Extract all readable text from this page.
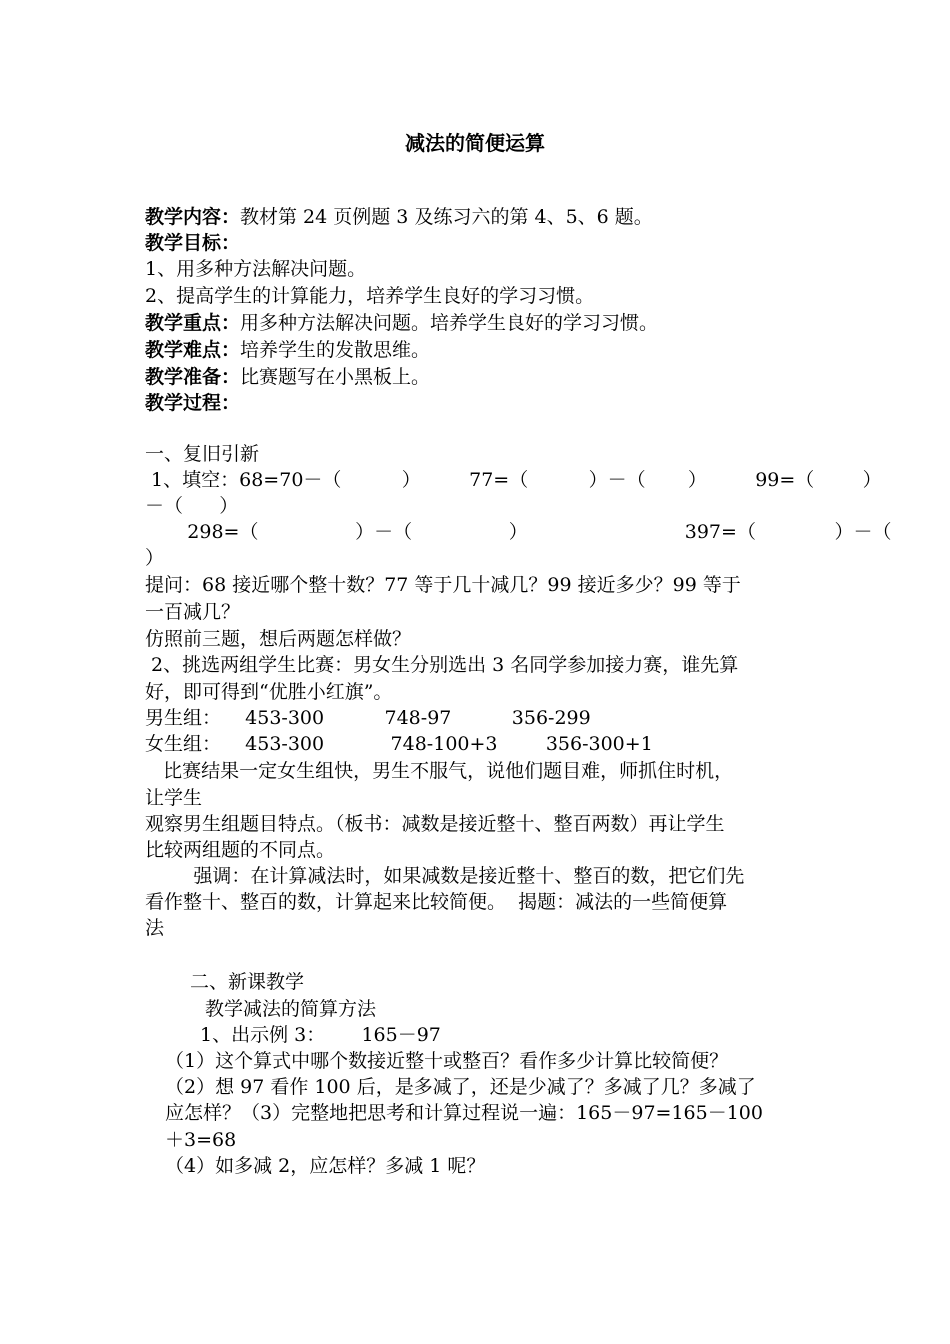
减法的简便运算
教学内容：教材第 24 页例题 3 及练习六的第 4、5、6 题。
教学目标：
1、用多种方法解决问题。
2、提高学生的计算能力，培养学生良好的学习习惯。
教学重点：用多种方法解决问题。培养学生良好的学习习惯。
教学难点：培养学生的发散思维。
教学准备：比赛题写在小黑板上。
教学过程：
一、复旧引新
1、填空：68=70－（          ）        77=（          ）－（       ）        99=（        ）
－（      ）
298=（                ）－（                ）                          397=（             ）－（
）
提问：68 接近哪个整十数？77 等于几十减几？99 接近多少？99 等于
一百减几？
仿照前三题，想后两题怎样做？
2、挑选两组学生比赛：男女生分别选出 3 名同学参加接力赛，谁先算
好，即可得到“优胜小红旗”。
男生组：    453-300          748-97          356-299
女生组：    453-300           748-100+3        356-300+1
比赛结果一定女生组快，男生不服气，说他们题目难，师抓住时机，
让学生
观察男生组题目特点。（板书：减数是接近整十、整百两数）再让学生
比较两组题的不同点。
强调：在计算减法时，如果减数是接近整十、整百的数，把它们先
看作整十、整百的数，计算起来比较简便。  揭题：减法的一些简便算
法
二、新课教学
教学减法的简算方法
1、出示例 3：      165－97
（1）这个算式中哪个数接近整十或整百？看作多少计算比较简便？
（2）想 97 看作 100 后，是多减了，还是少减了？多减了几？多减了
应怎样？（3）完整地把思考和计算过程说一遍：165－97=165－100
＋3=68
（4）如多减 2，应怎样？多减 1 呢？
